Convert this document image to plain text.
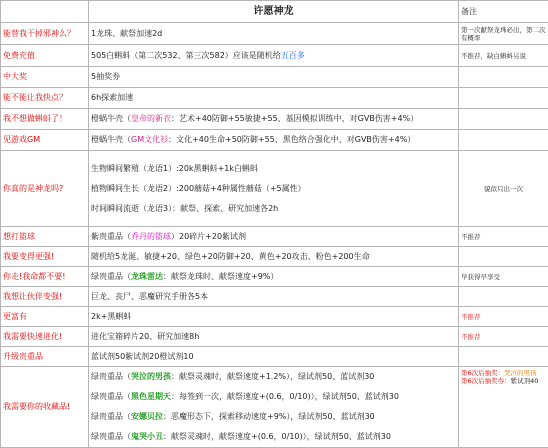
	许愿神龙	备注
能替我干掉邪神么？	1龙珠、献祭加速2d	第一次献祭龙珠必出，第二次有概率
免费充值	505白蝌蚪（第二次532、第三次582）应该是随机给五百多	不推荐，缺白蝌蚪另说
中大奖	5抽奖券	
能不能让我快点？	6h探索加速	
我不想做蝌蚪了！	橙蜗牛壳（皇帝的新衣：艺术+40防御+55敏捷+55、基因模拟训练中、对GVB伤害+4%）	
见游戏GM	橙蜗牛壳（GM文化衫：文化+40生命+50防御+55、黑色络合强化中、对GVB伤害+4%）	
你真的是神龙吗?	生物瞬间繁殖（龙语1）:20k黑蝌蚪+1k白蝌蚪
植物瞬间生长（龙语2）:200蘑菇+4种属性蘑菇（+5属性）
时间瞬间流逝（龙语3）：献祭、探索、研究加速各2h	貌似只出一次
想打篮球	紫贵重品（乔丹的篮球）20碎片+20紫试剂	不推荐
我要变得更强!	随机给5龙涎、敏捷+20、绿色+20防御+20、黄色+20攻击、粉色+200生命	
你走!我命都不要!	绿贵重品（龙珠雷达：献祭龙珠时、献祭速度+9%）	早获得早享受
我想让伙伴变强!	巨龙、丧尸、恶魔研究手册各5本	
更富有	2k+黑蝌蚪	不推荐
我需要快速进化!	进化宝箱碎片20、研究加速8h	不推荐
升级贵重品	蓝试剂50紫试剂20橙试剂10	
我需要你的收藏品!	绿贵重品（哭泣的男孩：献祭灵魂时，献祭速度+1.2%），绿试剂50、蓝试剂30
绿贵重品（黑色星期天：每签到一次，献祭速度+(0.6，0/10)），绿试剂50、蓝试剂30
绿贵重品（安娜贝拉：恶魔形态下，探索移动速度+9%），绿试剂50、蓝试剂30
绿贵重品（鬼哭小丑：献祭灵魂时，献祭速度+(0.6，0/10)），绿试剂50、蓝试剂30	第6次后抽奖：哭泣的男孩
第6次后抽奖券：紫试剂40
